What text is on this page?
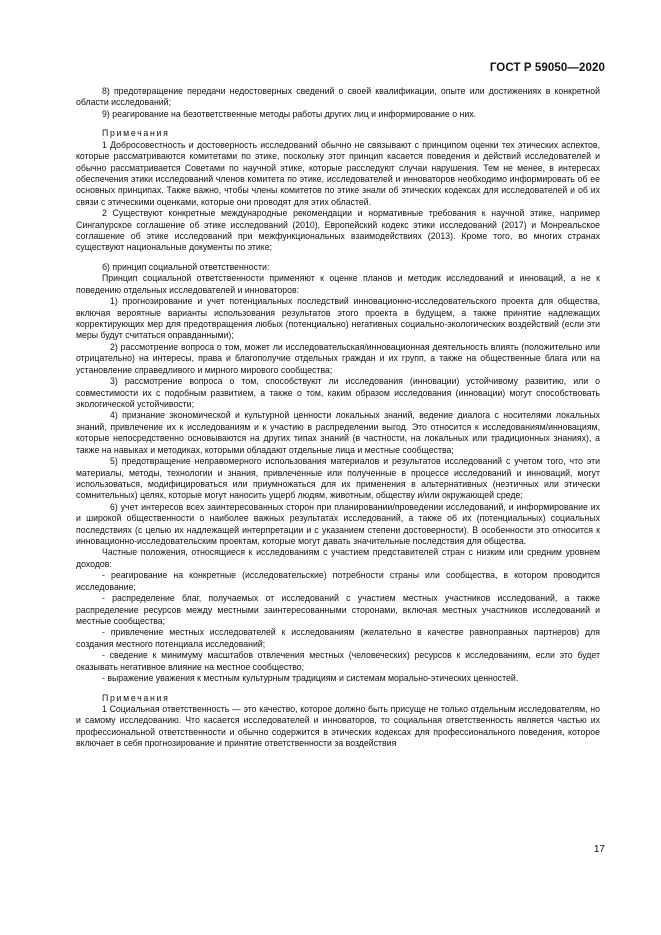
ГОСТ Р 59050—2020

8) предотвращение передачи недостоверных сведений о своей квалификации, опыте или достижениях в конкретной области исследований;

9) реагирование на безответственные методы работы других лиц и информирование о них.

Примечания

1 Добросовестность и достоверность исследований обычно не связывают с принципом оценки тех этических аспектов, которые рассматриваются комитетами по этике, поскольку этот принцип касается поведения и действий исследователей и обычно рассматривается Советами по научной этике, которые расследуют случаи нарушения. Тем не менее, в интересах обеспечения этики исследований членов комитета по этике, исследователей и инноваторов необходимо информировать об ее основных принципах. Также важно, чтобы члены комитетов по этике знали об этических кодексах для исследователей и об их связи с этическими оценками, которые они проводят для этих областей.

2 Существуют конкретные международные рекомендации и нормативные требования к научной этике, например Сингапурское соглашение об этике исследований (2010), Европейский кодекс этики исследований (2017) и Монреальское соглашение об этике исследований при межфункциональных взаимодействиях (2013). Кроме того, во многих странах существуют национальные документы по этике;

б) принцип социальной ответственности:

Принцип социальной ответственности применяют к оценке планов и методик исследований и инноваций, а не к поведению отдельных исследователей и инноваторов:

1) прогнозирование и учет потенциальных последствий инновационно-исследовательского проекта для общества, включая вероятные варианты использования результатов этого проекта в будущем, а также принятие надлежащих корректирующих мер для предотвращения любых (потенциально) негативных социально-экологических воздействий (если эти меры будут считаться оправданными);

2) рассмотрение вопроса о том, может ли исследовательская/инновационная деятельность влиять (положительно или отрицательно) на интересы, права и благополучие отдельных граждан и их групп, а также на общественные блага или на установление справедливого и мирного мирового сообщества;

3) рассмотрение вопроса о том, способствуют ли исследования (инновации) устойчивому развитию, или о совместимости их с подобным развитием, а также о том, каким образом исследования (инновации) могут способствовать экологической устойчивости;

4) признание экономической и культурной ценности локальных знаний, ведение диалога с носителями локальных знаний, привлечение их к исследованиям и к участию в распределении выгод. Это относится к исследованиям/инновациям, которые непосредственно основываются на других типах знаний (в частности, на локальных или традиционных знаниях), а также на навыках и методиках, которыми обладают отдельные лица и местные сообщества;

5) предотвращение неправомерного использования материалов и результатов исследований с учетом того, что эти материалы, методы, технологии и знания, привлеченные или полученные в процессе исследований и инноваций, могут использоваться, модифицироваться или приумножаться для их применения в альтернативных (неэтичных или этически сомнительных) целях, которые могут наносить ущерб людям, животным, обществу и/или окружающей среде;

6) учет интересов всех заинтересованных сторон при планировании/проведении исследований, и информирование их и широкой общественности о наиболее важных результатах исследований, а также об их (потенциальных) социальных последствиях (с целью их надлежащей интерпретации и с указанием степени достоверности). В особенности это относится к инновационно-исследовательским проектам, которые могут давать значительные последствия для общества.

Частные положения, относящиеся к исследованиям с участием представителей стран с низким или средним уровнем доходов:

- реагирование на конкретные (исследовательские) потребности страны или сообщества, в котором проводится исследование;

- распределение благ, получаемых от исследований с участием местных участников исследований, а также распределение ресурсов между местными заинтересованными сторонами, включая местных участников исследований и местные сообщества;

- привлечение местных исследователей к исследованиям (желательно в качестве равноправных партнеров) для создания местного потенциала исследований;

- сведение к минимуму масштабов отвлечения местных (человеческих) ресурсов к исследованиям, если это будет оказывать негативное влияние на местное сообщество;

- выражение уважения к местным культурным традициям и системам морально-этических ценностей.

Примечания

1 Социальная ответственность — это качество, которое должно быть присуще не только отдельным исследователям, но и самому исследованию. Что касается исследователей и инноваторов, то социальная ответственность является частью их профессиональной ответственности и обычно содержится в этических кодексах для профессионального поведения, которое включает в себя прогнозирование и принятие ответственности за воздействия

17
